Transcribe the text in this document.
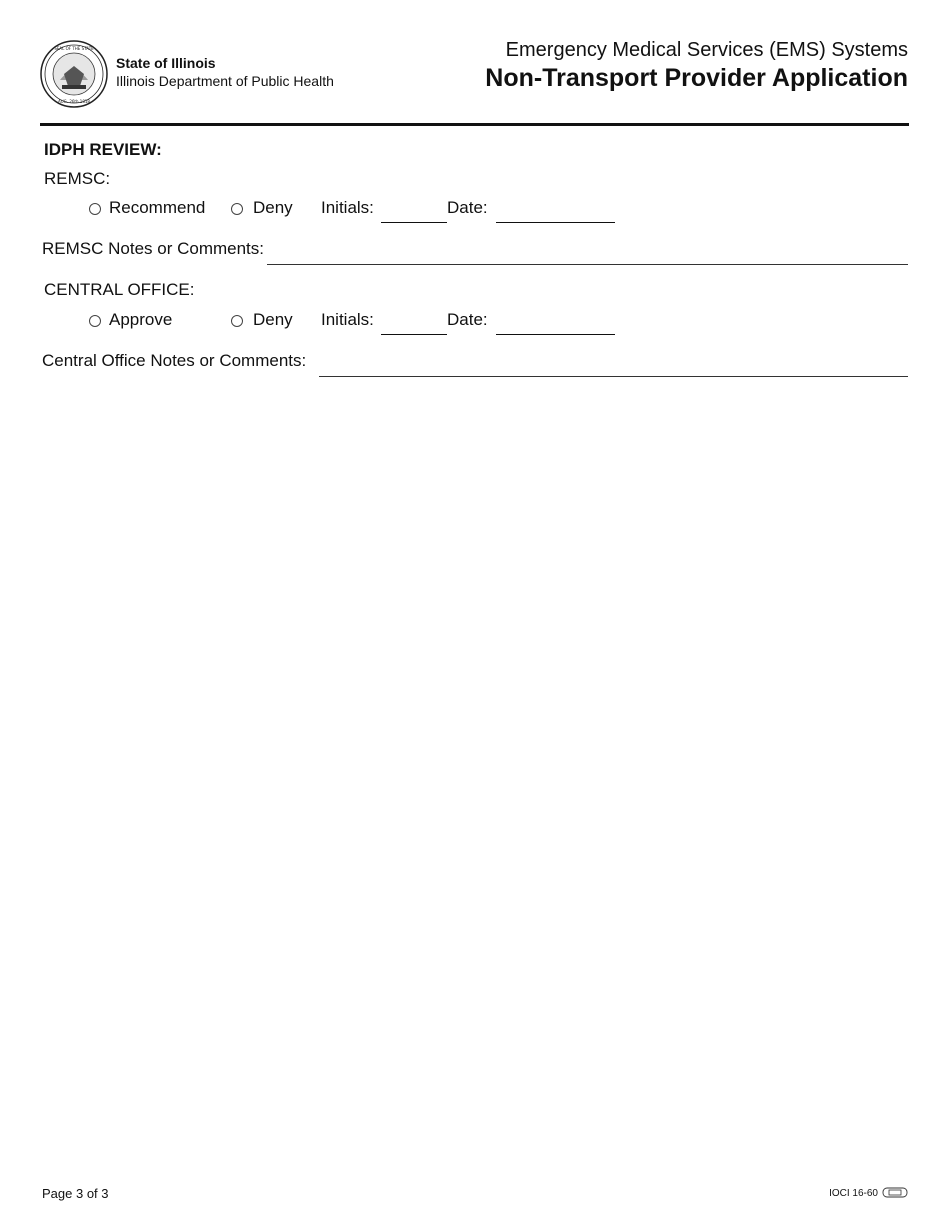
SEAL OF THE STATE
AUG. 26th 1818
State of Illinois
Illinois Department of Public Health
Emergency Medical Services (EMS) Systems
Non-Transport Provider Application
IDPH REVIEW:
REMSC:
Recommend	Deny Initials:	Date:
REMSC Notes or Comments:
CENTRAL OFFICE:
Approve	Deny Initials:	Date:
Central Office Notes or Comments:
Page 3 of 3	IOCI 16-60
